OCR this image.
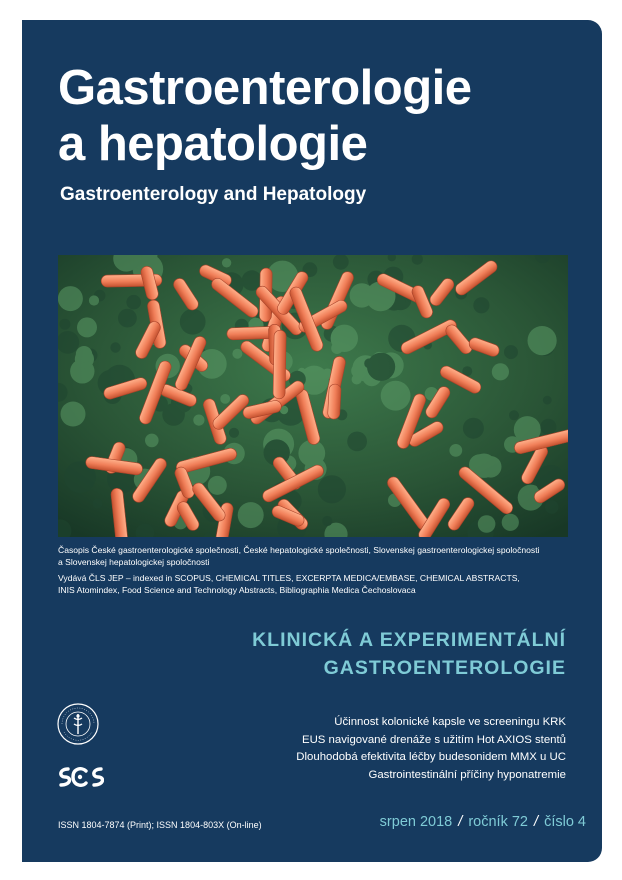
Gastroenterologie
a hepatologie
Gastroenterology and Hepatology
Časopis České gastroenterologické společnosti, České hepatologické společnosti, Slovenskej gastroenterologickej spoločnosti
a Slovenskej hepatologickej spoločnosti
Vydává ČLS JEP – indexed in SCOPUS, CHEMICAL TITLES, EXCERPTA MEDICA/EMBASE, CHEMICAL ABSTRACTS,
INIS Atomindex, Food Science and Technology Abstracts, Bibliographia Medica Čechoslovaca
KLINICKÁ A EXPERIMENTÁLNÍ
GASTROENTEROLOGIE
Účinnost kolonické kapsle ve screeningu KRK
EUS navigované drenáže s užitím Hot AXIOS stentů
Dlouhodobá efektivita léčby budesonidem MMX u UC
Gastrointestinální příčiny hyponatremie
ISSN 1804-7874 (Print); ISSN 1804-803X (On-line)	srpen 2018 / ročník 72 / číslo 4
